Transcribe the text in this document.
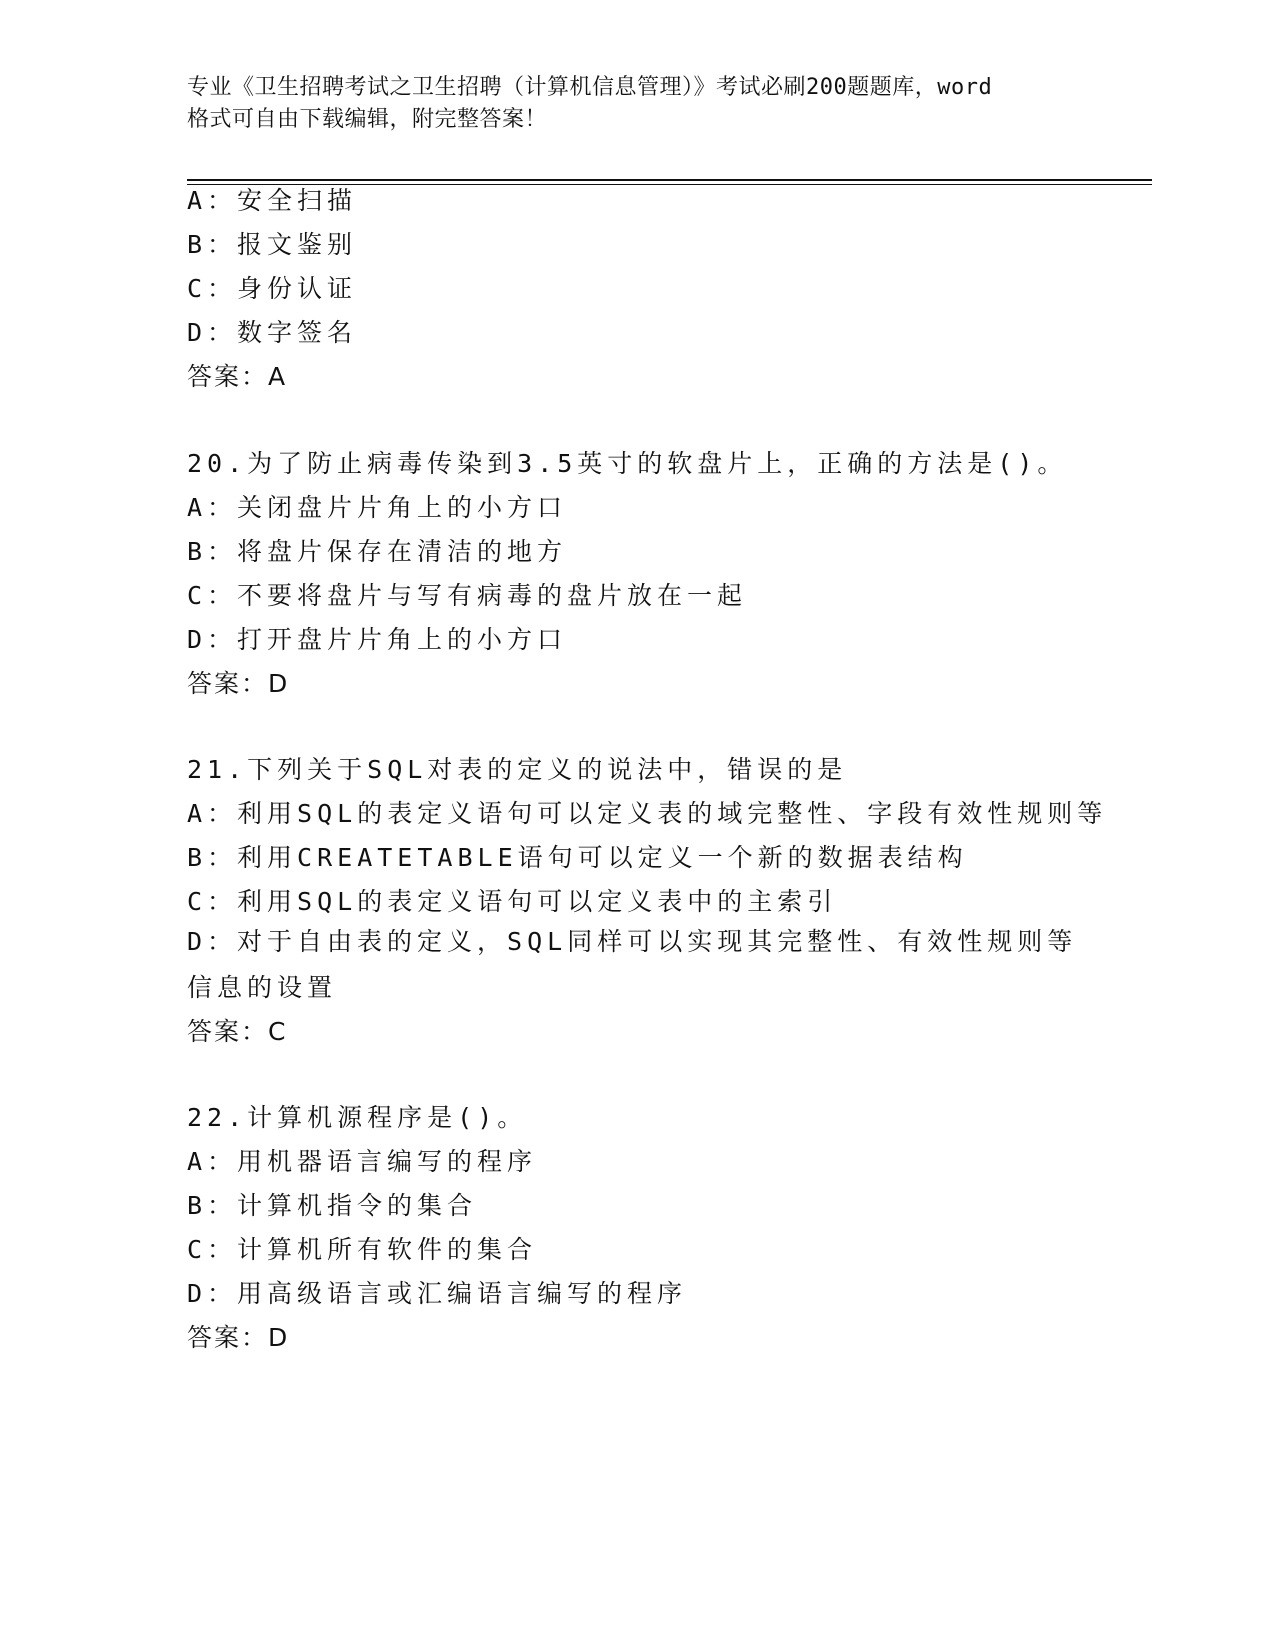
专业《卫生招聘考试之卫生招聘（计算机信息管理）》考试必刷200题题库，word
格式可自由下载编辑，附完整答案！
A：安全扫描
B：报文鉴别
C：身份认证
D：数字签名
答案：A
20.为了防止病毒传染到3.5英寸的软盘片上，正确的方法是()。
A：关闭盘片片角上的小方口
B：将盘片保存在清洁的地方
C：不要将盘片与写有病毒的盘片放在一起
D：打开盘片片角上的小方口
答案：D
21.下列关于SQL对表的定义的说法中，错误的是
A：利用SQL的表定义语句可以定义表的域完整性、字段有效性规则等
B：利用CREATETABLE语句可以定义一个新的数据表结构
C：利用SQL的表定义语句可以定义表中的主索引
D：对于自由表的定义，SQL同样可以实现其完整性、有效性规则等信息的设置
答案：C
22.计算机源程序是()。
A：用机器语言编写的程序
B：计算机指令的集合
C：计算机所有软件的集合
D：用高级语言或汇编语言编写的程序
答案：D
